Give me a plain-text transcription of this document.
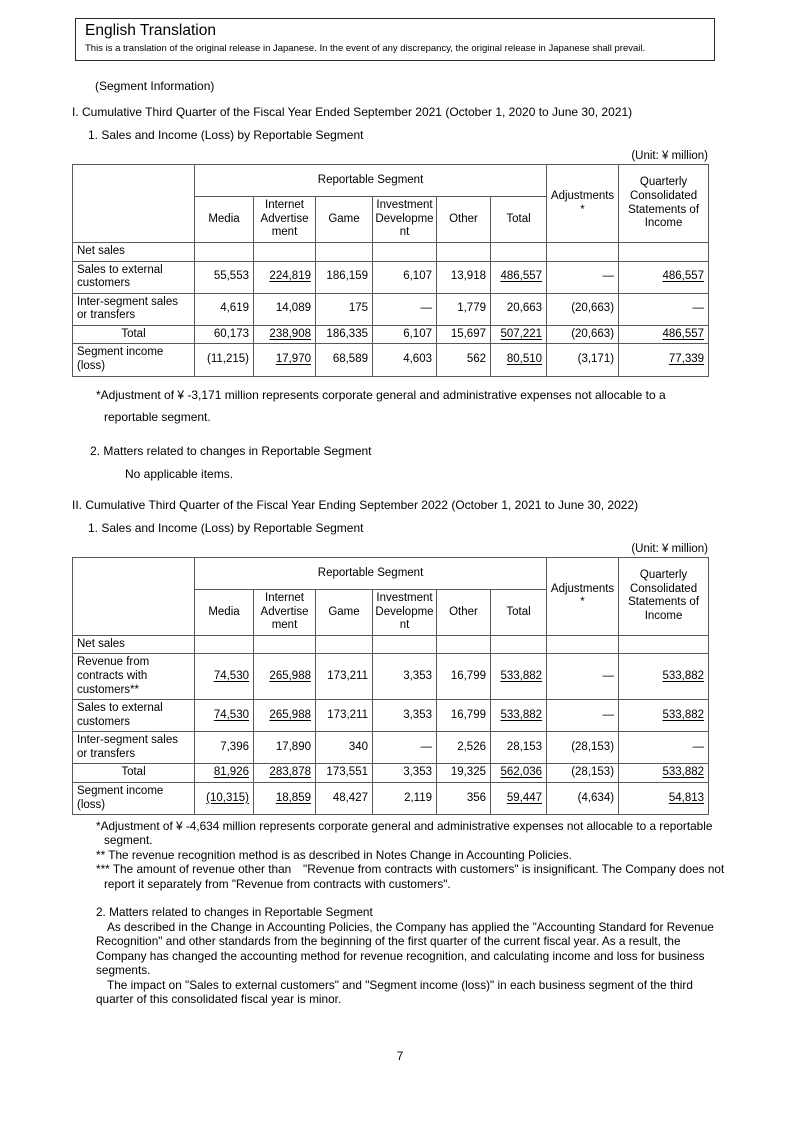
English Translation
This is a translation of the original release in Japanese. In the event of any discrepancy, the original release in Japanese shall prevail.
(Segment Information)
I. Cumulative Third Quarter of the Fiscal Year Ended September 2021 (October 1, 2020 to June 30, 2021)
1. Sales and Income (Loss) by Reportable Segment
(Unit: ¥ million)
	Reportable Segment						Adjustments*	Quarterly Consolidated Statements of Income
	Media	Internet Advertisement	Game	Investment Development	Other	Total		
Net sales								
Sales to external customers	55,553	224,819	186,159	6,107	13,918	486,557	—	486,557
Inter-segment sales or transfers	4,619	14,089	175	—	1,779	20,663	(20,663)	—
Total	60,173	238,908	186,335	6,107	15,697	507,221	(20,663)	486,557
Segment income (loss)	(11,215)	17,970	68,589	4,603	562	80,510	(3,171)	77,339
*Adjustment of ¥ -3,171 million represents corporate general and administrative expenses not allocable to a reportable segment.
2. Matters related to changes in Reportable Segment
No applicable items.
II. Cumulative Third Quarter of the Fiscal Year Ending September 2022 (October 1, 2021 to June 30, 2022)
1. Sales and Income (Loss) by Reportable Segment
(Unit: ¥ million)
	Reportable Segment						Adjustments*	Quarterly Consolidated Statements of Income
	Media	Internet Advertisement	Game	Investment Development	Other	Total		
Net sales								
Revenue from contracts with customers**	74,530	265,988	173,211	3,353	16,799	533,882	—	533,882
Sales to external customers	74,530	265,988	173,211	3,353	16,799	533,882	—	533,882
Inter-segment sales or transfers	7,396	17,890	340	—	2,526	28,153	(28,153)	—
Total	81,926	283,878	173,551	3,353	19,325	562,036	(28,153)	533,882
Segment income (loss)	(10,315)	18,859	48,427	2,119	356	59,447	(4,634)	54,813

*Adjustment of ¥ -4,634 million represents corporate general and administrative expenses not allocable to a reportable segment.

** The revenue recognition method is as described in Notes Change in Accounting Policies.

*** The amount of revenue other than　"Revenue from contracts with customers" is insignificant. The Company does not report it separately from "Revenue from contracts with customers".

2. Matters related to changes in Reportable Segment

As described in the Change in Accounting Policies, the Company has applied the "Accounting Standard for Revenue Recognition" and other standards from the beginning of the first quarter of the current fiscal year. As a result, the Company has changed the accounting method for revenue recognition, and calculating income and loss for business segments.

The impact on "Sales to external customers" and "Segment income (loss)" in each business segment of the third quarter of this consolidated fiscal year is minor.

7
